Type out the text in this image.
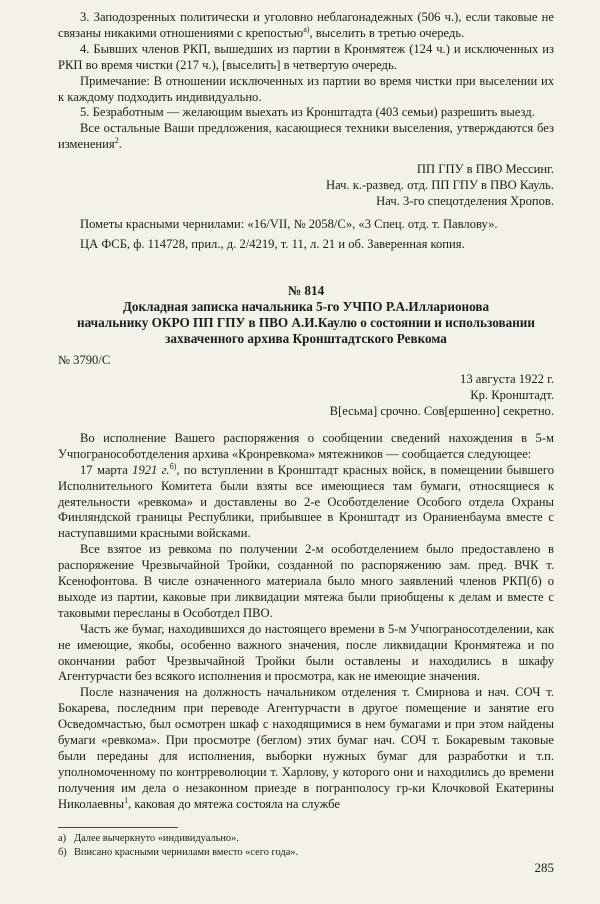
3. Заподозренных политически и уголовно неблагонадежных (506 ч.), если таковые не связаны никакими отношениями с крепостью$^{а)}$, выселить в третью очередь.

4. Бывших членов РКП, вышедших из партии в Кронмятеж (124 ч.) и исключенных из РКП во время чистки (217 ч.), [выселить] в четвертую очередь.

Примечание: В отношении исключенных из партии во время чистки при выселении их к каждому подходить индивидуально.

5. Безработным — желающим выехать из Кронштадта (403 семьи) разрешить выезд.

Все остальные Ваши предложения, касающиеся техники выселения, утверждаются без изменения$^2$.

ПП ГПУ в ПВО Мессинг.
Нач. к.-развед. отд. ПП ГПУ в ПВО Кауль.
Нач. 3-го спецотделения Хропов.

Пометы красными чернилами: «16/VII, № 2058/С», «3 Спец. отд. т. Павлову».

ЦА ФСБ, ф. 114728, прил., д. 2/4219, т. 11, л. 21 и об. Заверенная копия.

№ 814
Докладная записка начальника 5-го УЧПО Р.А.Илларионова
начальнику ОКРО ПП ГПУ в ПВО А.И.Каулю о состоянии и использовании
захваченного архива Кронштадтского Ревкома

№ 3790/С

13 августа 1922 г.
Кр. Кронштадт.
В[есьма] срочно. Сов[ершенно] секретно.

Во исполнение Вашего распоряжения о сообщении сведений нахождения в 5-м Учпограноcоботделения архива «Кронревкома» мятежников — сообщается следующее:

17 марта 1921 г.$^{б)}$, по вступлении в Кронштадт красных войск, в помещении бывшего Исполнительного Комитета были взяты все имеющиеся там бумаги, относящиеся к деятельности «ревкома» и доставлены во 2-е Особотделение Особого отдела Охраны Финляндской границы Республики, прибывшее в Кронштадт из Ораниенбаума вместе с наступавшими красными войсками.

Все взятое из ревкома по получении 2-м особотделением было предоставлено в распоряжение Чрезвычайной Тройки, созданной по распоряжению зам. пред. ВЧК т. Ксенофонтова. В числе означенного материала было много заявлений членов РКП(б) о выходе из партии, каковые при ликвидации мятежа были приобщены к делам и вместе с таковыми пересланы в Особотдел ПВО.

Часть же бумаг, находившихся до настоящего времени в 5-м Учпограноcотделении, как не имеющие, якобы, особенно важного значения, после ликвидации Кронмятежа и по окончании работ Чрезвычайной Тройки были оставлены и находились в шкафу Агентурчасти без всякого исполнения и просмотра, как не имеющие значения.

После назначения на должность начальником отделения т. Смирнова и нач. СОЧ т. Бокарева, последним при переводе Агентурчасти в другое помещение и занятие его Осведомчастью, был осмотрен шкаф с находящимися в нем бумагами и при этом найдены бумаги «ревкома». При просмотре (беглом) этих бумаг нач. СОЧ т. Бокаревым таковые были переданы для исполнения, выборки нужных бумаг для разработки и т.п. уполномоченному по контрреволюции т. Харлову, у которого они и находились до времени получения им дела о незаконном приезде в погранполосу гр-ки Клочковой Екатерины Николаевны$^1$, каковая до мятежа состояла на службе

а) Далее вычеркнуто «индивидуально».
б) Вписано красными чернилами вместо «сего года».
285
